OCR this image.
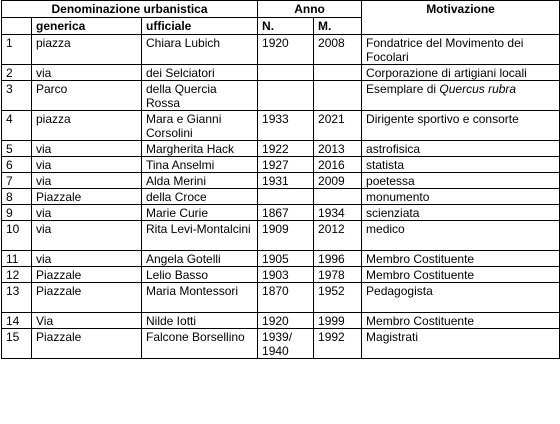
Denominazione urbanistica			Anno		Motivazione
	generica	ufficiale	N.	M.	
1	piazza	Chiara Lubich	1920	2008	Fondatrice del Movimento dei Focolari
2	via	dei Selciatori			Corporazione di artigiani locali
3	Parco	della Quercia Rossa			Esemplare di Quercus rubra
4	piazza	Mara e Gianni Corsolini	1933	2021	Dirigente sportivo e consorte
5	via	Margherita Hack	1922	2013	astrofisica
6	via	Tina Anselmi	1927	2016	statista
7	via	Alda Merini	1931	2009	poetessa
8	Piazzale	della Croce			monumento
9	via	Marie Curie	1867	1934	scienziata
10	via	Rita Levi-Montalcini	1909	2012	medico
11	via	Angela Gotelli	1905	1996	Membro Costituente
12	Piazzale	Lelio Basso	1903	1978	Membro Costituente
13	Piazzale	Maria Montessori	1870	1952	Pedagogista
14	Via	Nilde Iotti	1920	1999	Membro Costituente
15	Piazzale	Falcone Borsellino	1939/ 1940	1992	Magistrati
